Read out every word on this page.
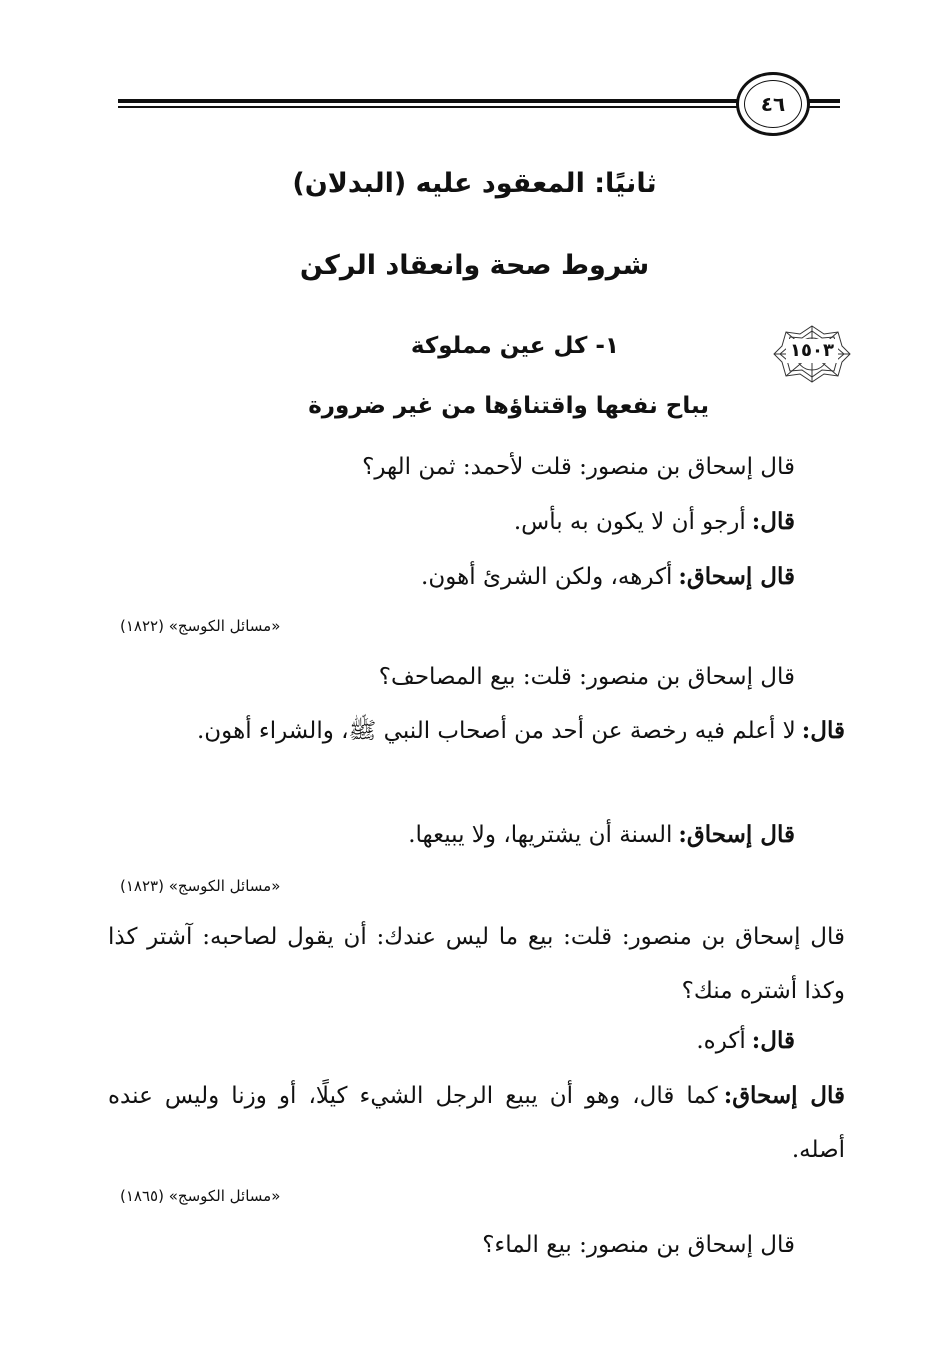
٤٦
ثانيًا: المعقود عليه (البدلان)
شروط صحة وانعقاد الركن
١٥٠٣
١- كل عين مملوكة
يباح نفعها واقتناؤها من غير ضرورة
قال إسحاق بن منصور: قلت لأحمد: ثمن الهر؟
قال:أرجو أن لا يكون به بأس.
قال إسحاق:أكرهه، ولكن الشرئ أهون.
«مسائل الكوسج» (١٨٢٢)
قال إسحاق بن منصور: قلت: بيع المصاحف؟
قال:لا أعلم فيه رخصة عن أحد من أصحاب النبي ﷺ، والشراء أهون.
قال إسحاق:السنة أن يشتريها، ولا يبيعها.
«مسائل الكوسج» (١٨٢٣)
قال إسحاق بن منصور: قلت: بيع ما ليس عندك: أن يقول لصاحبه: آشتر كذا وكذا أشتره منك؟
قال:أكره.
قال إسحاق:كما قال، وهو أن يبيع الرجل الشيء كيلًا، أو وزنا وليس عنده أصله.
«مسائل الكوسج» (١٨٦٥)
قال إسحاق بن منصور: بيع الماء؟
